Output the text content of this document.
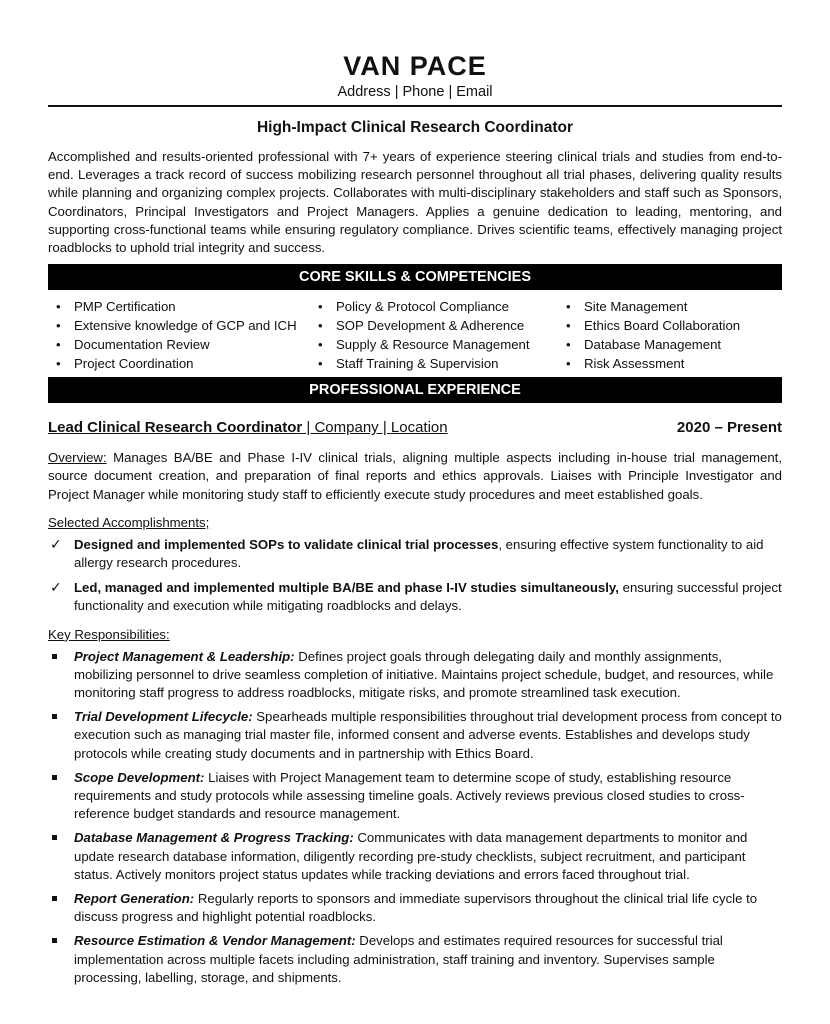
VAN PACE
Address | Phone | Email
High-Impact Clinical Research Coordinator
Accomplished and results-oriented professional with 7+ years of experience steering clinical trials and studies from end-to-end. Leverages a track record of success mobilizing research personnel throughout all trial phases, delivering quality results while planning and organizing complex projects. Collaborates with multi-disciplinary stakeholders and staff such as Sponsors, Coordinators, Principal Investigators and Project Managers. Applies a genuine dedication to leading, mentoring, and supporting cross-functional teams while ensuring regulatory compliance. Drives scientific teams, effectively managing project roadblocks to uphold trial integrity and success.
CORE SKILLS & COMPETENCIES
• PMP Certification
• Extensive knowledge of GCP and ICH
• Documentation Review
• Project Coordination
• Policy & Protocol Compliance
• SOP Development & Adherence
• Supply & Resource Management
• Staff Training & Supervision
• Site Management
• Ethics Board Collaboration
• Database Management
• Risk Assessment
PROFESSIONAL EXPERIENCE
Lead Clinical Research Coordinator | Company | Location	2020 – Present
Overview: Manages BA/BE and Phase I-IV clinical trials, aligning multiple aspects including in-house trial management, source document creation, and preparation of final reports and ethics approvals. Liaises with Principle Investigator and Project Manager while monitoring study staff to efficiently execute study procedures and meet established goals.
Selected Accomplishments;
✓ Designed and implemented SOPs to validate clinical trial processes, ensuring effective system functionality to aid allergy research procedures.
✓ Led, managed and implemented multiple BA/BE and phase I-IV studies simultaneously, ensuring successful project functionality and execution while mitigating roadblocks and delays.
Key Responsibilities:
Project Management & Leadership: Defines project goals through delegating daily and monthly assignments, mobilizing personnel to drive seamless completion of initiative. Maintains project schedule, budget, and resources, while monitoring staff progress to address roadblocks, mitigate risks, and promote streamlined task execution.
Trial Development Lifecycle: Spearheads multiple responsibilities throughout trial development process from concept to execution such as managing trial master file, informed consent and adverse events. Establishes and develops study protocols while creating study documents and in partnership with Ethics Board.
Scope Development: Liaises with Project Management team to determine scope of study, establishing resource requirements and study protocols while assessing timeline goals. Actively reviews previous closed studies to cross-reference budget standards and resource management.
Database Management & Progress Tracking: Communicates with data management departments to monitor and update research database information, diligently recording pre-study checklists, subject recruitment, and participant status. Actively monitors project status updates while tracking deviations and errors faced throughout trial.
Report Generation: Regularly reports to sponsors and immediate supervisors throughout the clinical trial life cycle to discuss progress and highlight potential roadblocks.
Resource Estimation & Vendor Management: Develops and estimates required resources for successful trial implementation across multiple facets including administration, staff training and inventory. Supervises sample processing, labelling, storage, and shipments.
